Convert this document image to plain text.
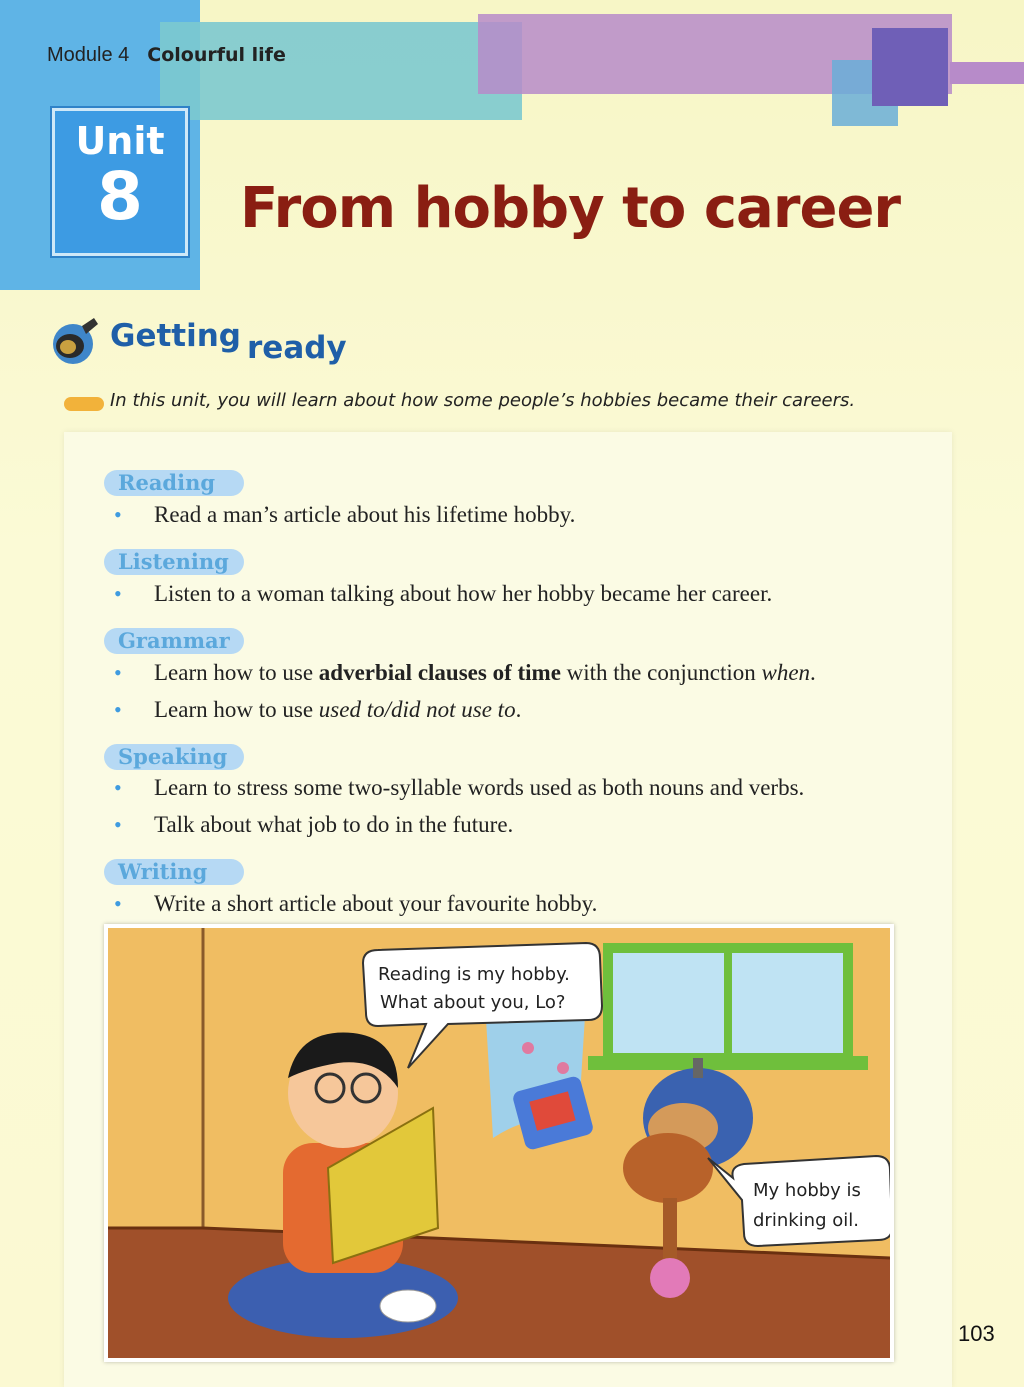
Module 4 Colourful life
Unit
8	From hobby to career
Getting ready
In this unit, you will learn about how some people’s hobbies became their careers.
Reading
• Read a man’s article about his lifetime hobby.
Listening
• Listen to a woman talking about how her hobby became her career.
Grammar
• Learn how to use adverbial clauses of time with the conjunction when.
• Learn how to use used to/did not use to.
Speaking
• Learn to stress some two-syllable words used as both nouns and verbs.
• Talk about what job to do in the future.
Writing
• Write a short article about your favourite hobby.
Reading is my hobby.
What about you, Lo?
My hobby is
drinking oil.
103
